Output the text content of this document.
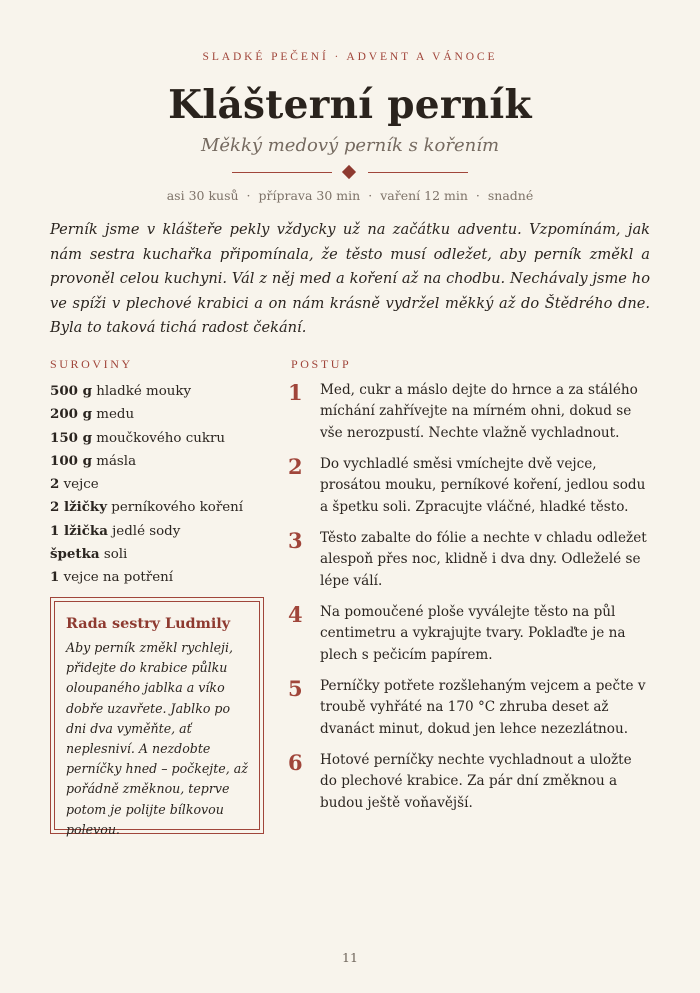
SLADKÉ PEČENÍ · ADVENT A VÁNOCE
Klášterní perník
Měkký medový perník s kořením
asi 30 kusů · příprava 30 min · vaření 12 min · snadné

Perník jsme v klášteře pekly vždycky už na začátku adventu. Vzpomínám, jak nám sestra kuchařka připomínala, že těsto musí odležet, aby perník změkl a provoněl celou kuchyni. Vál z něj med a koření až na chodbu. Nechávaly jsme ho ve spíži v plechové krabici a on nám krásně vydržel měkký až do Štědrého dne. Byla to taková tichá radost čekání.

SUROVINY	POSTUP
500 g hladké mouky
200 g medu
150 g moučkového cukru
100 g másla
2 vejce
2 lžičky perníkového koření
1 lžička jedlé sody
špetka soli
1 vejce na potření
Rada sestry Ludmily
Aby perník změkl rychleji, přidejte do krabice půlku oloupaného jablka a víko dobře uzavřete. Jablko po dni dva vyměňte, ať neplesniví. A nezdobte perníčky hned – počkejte, až pořádně změknou, teprve potom je polijte bílkovou polevou.
1	Med, cukr a máslo dejte do hrnce a za stálého míchání zahřívejte na mírném ohni, dokud se vše nerozpustí. Nechte vlažně vychladnout.
2	Do vychladlé směsi vmíchejte dvě vejce, prosátou mouku, perníkové koření, jedlou sodu a špetku soli. Zpracujte vláčné, hladké těsto.
3	Těsto zabalte do fólie a nechte v chladu odležet alespoň přes noc, klidně i dva dny. Odleželé se lépe válí.
4	Na pomoučené ploše vyválejte těsto na půl centimetru a vykrajujte tvary. Poklaďte je na plech s pečicím papírem.
5	Perníčky potřete rozšlehaným vejcem a pečte v troubě vyhřáté na 170 °C zhruba deset až dvanáct minut, dokud jen lehce nezezlátnou.
6	Hotové perníčky nechte vychladnout a uložte do plechové krabice. Za pár dní změknou a budou ještě voňavější.
11
